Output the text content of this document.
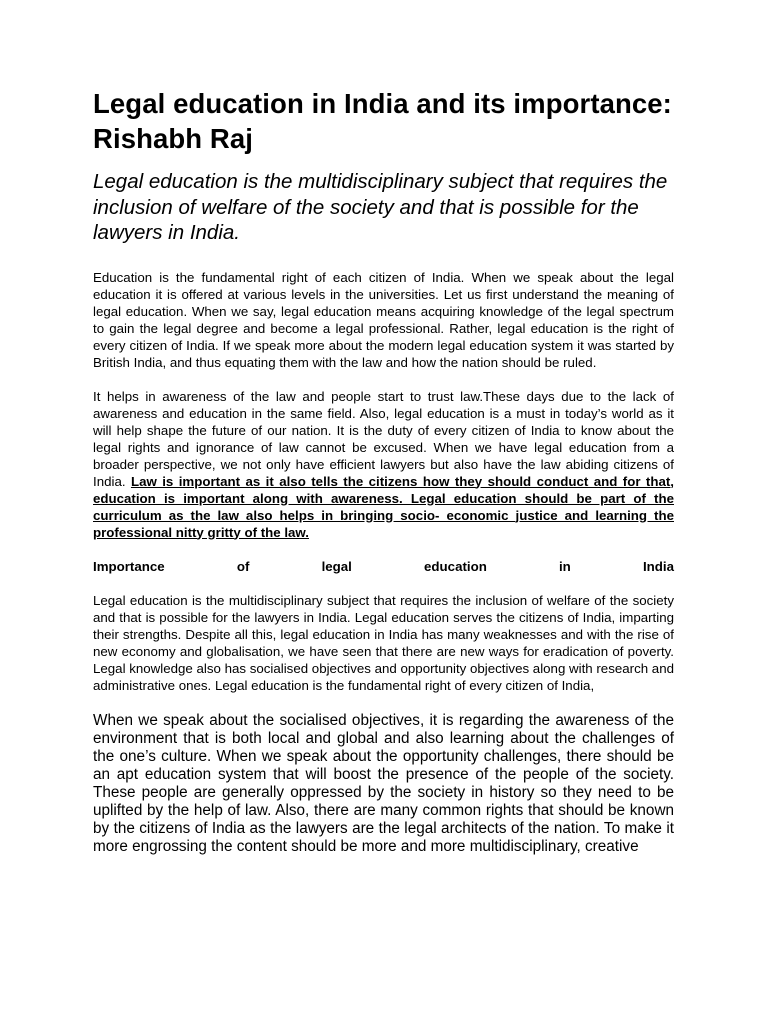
Legal education in India and its importance: Rishabh Raj

Legal education is the multidisciplinary subject that requires the inclusion of welfare of the society and that is possible for the lawyers in India.

Education is the fundamental right of each citizen of India. When we speak about the legal education it is offered at various levels in the universities. Let us first understand the meaning of legal education. When we say, legal education means acquiring knowledge of the legal spectrum to gain the legal degree and become a legal professional. Rather, legal education is the right of every citizen of India. If we speak more about the modern legal education system it was started by British India, and thus equating them with the law and how the nation should be ruled.

It helps in awareness of the law and people start to trust law.These days due to the lack of awareness and education in the same field. Also, legal education is a must in today’s world as it will help shape the future of our nation. It is the duty of every citizen of India to know about the legal rights and ignorance of law cannot be excused. When we have legal education from a broader perspective, we not only have efficient lawyers but also have the law abiding citizens of India. Law is important as it also tells the citizens how they should conduct and for that, education is important along with awareness. Legal education should be part of the curriculum as the law also helps in bringing socio- economic justice and learning the professional nitty gritty of the law.

Importance	of	legal	education	in	India

Legal education is the multidisciplinary subject that requires the inclusion of welfare of the society and that is possible for the lawyers in India. Legal education serves the citizens of India, imparting their strengths. Despite all this, legal education in India has many weaknesses and with the rise of new economy and globalisation, we have seen that there are new ways for eradication of poverty. Legal knowledge also has socialised objectives and opportunity objectives along with research and administrative ones. Legal education is the fundamental right of every citizen of India,

When we speak about the socialised objectives, it is regarding the awareness of the environment that is both local and global and also learning about the challenges of the one’s culture. When we speak about the opportunity challenges, there should be an apt education system that will boost the presence of the people of the society. These people are generally oppressed by the society in history so they need to be uplifted by the help of law. Also, there are many common rights that should be known by the citizens of India as the lawyers are the legal architects of the nation. To make it more engrossing the content should be more and more multidisciplinary, creative
